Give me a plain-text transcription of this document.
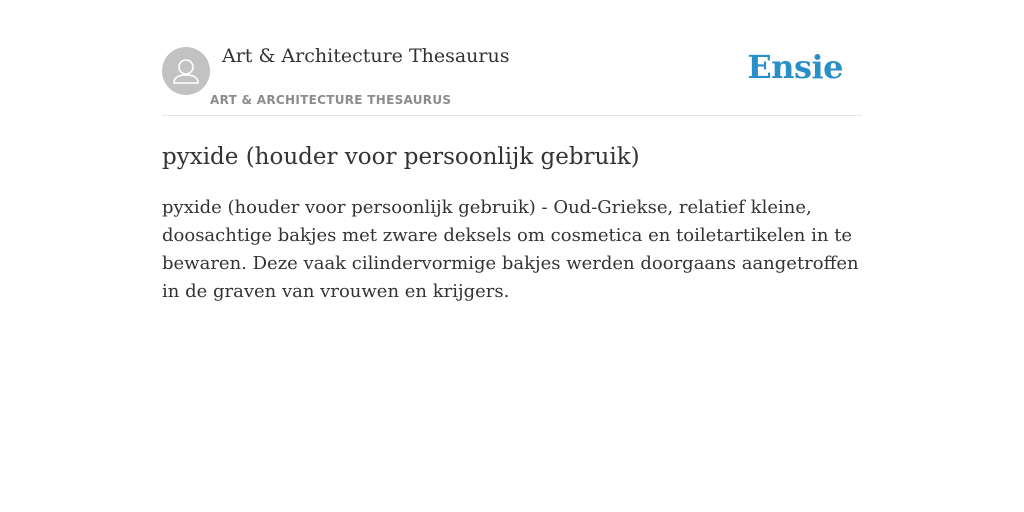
Art & Architecture Thesaurus
ART & ARCHITECTURE THESAURUS
Ensie
pyxide (houder voor persoonlijk gebruik)

pyxide (houder voor persoonlijk gebruik) - Oud-Griekse, relatief kleine, doosachtige bakjes met zware deksels om cosmetica en toiletartikelen in te bewaren. Deze vaak cilindervormige bakjes werden doorgaans aangetroffen in de graven van vrouwen en krijgers.
